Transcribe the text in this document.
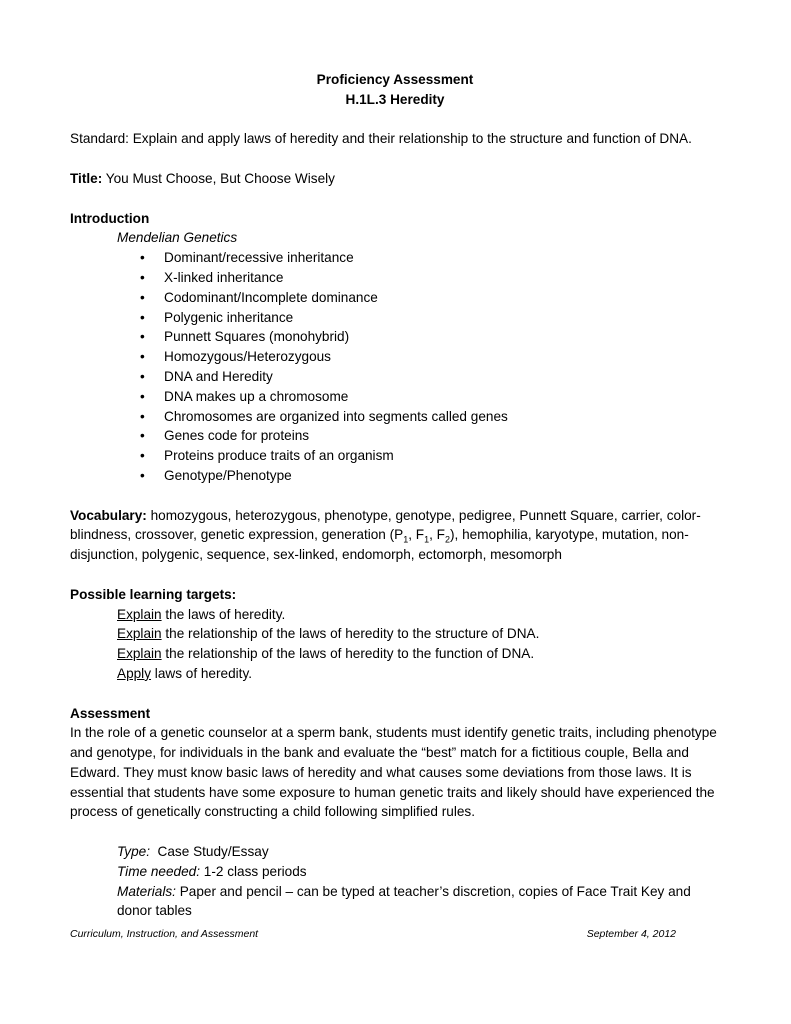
Proficiency Assessment
H.1L.3 Heredity

Standard: Explain and apply laws of heredity and their relationship to the structure and function of DNA.

Title: You Must Choose, But Choose Wisely
Introduction
Mendelian Genetics
• Dominant/recessive inheritance
• X-linked inheritance
• Codominant/Incomplete dominance
• Polygenic inheritance
• Punnett Squares (monohybrid)
• Homozygous/Heterozygous
• DNA and Heredity
• DNA makes up a chromosome
• Chromosomes are organized into segments called genes
• Genes code for proteins
• Proteins produce traits of an organism
• Genotype/Phenotype

Vocabulary: homozygous, heterozygous, phenotype, genotype, pedigree, Punnett Square, carrier, color-blindness, crossover, genetic expression, generation ($P_1$, $F_1$, $F_2$), hemophilia, karyotype, mutation, non-disjunction, polygenic, sequence, sex-linked, endomorph, ectomorph, mesomorph

Possible learning targets:
Explain the laws of heredity.
Explain the relationship of the laws of heredity to the structure of DNA.
Explain the relationship of the laws of heredity to the function of DNA.
Apply laws of heredity.
Assessment

In the role of a genetic counselor at a sperm bank, students must identify genetic traits, including phenotype and genotype, for individuals in the bank and evaluate the “best” match for a fictitious couple, Bella and Edward. They must know basic laws of heredity and what causes some deviations from those laws. It is essential that students have some exposure to human genetic traits and likely should have experienced the process of genetically constructing a child following simplified rules.

Type:  Case Study/Essay
Time needed: 1-2 class periods
Materials: Paper and pencil – can be typed at teacher’s discretion, copies of Face Trait Key and donor tables
Curriculum, Instruction, and Assessment	September 4, 2012
